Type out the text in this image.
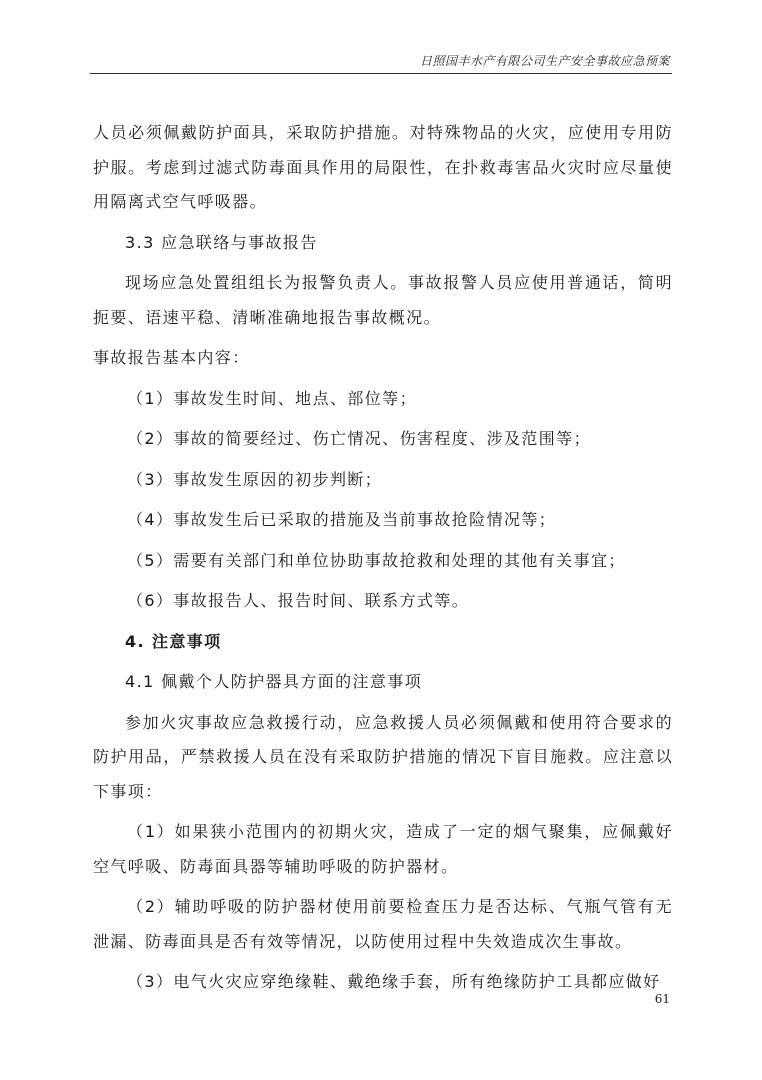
日照国丰水产有限公司生产安全事故应急预案

人员必须佩戴防护面具，采取防护措施。对特殊物品的火灾，应使用专用防护服。考虑到过滤式防毒面具作用的局限性，在扑救毒害品火灾时应尽量使用隔离式空气呼吸器。

3.3 应急联络与事故报告

现场应急处置组组长为报警负责人。事故报警人员应使用普通话，简明扼要、语速平稳、清晰准确地报告事故概况。

事故报告基本内容：

（1）事故发生时间、地点、部位等；

（2）事故的简要经过、伤亡情况、伤害程度、涉及范围等；

（3）事故发生原因的初步判断；

（4）事故发生后已采取的措施及当前事故抢险情况等；

（5）需要有关部门和单位协助事故抢救和处理的其他有关事宜；

（6）事故报告人、报告时间、联系方式等。

4. 注意事项

4.1 佩戴个人防护器具方面的注意事项

参加火灾事故应急救援行动，应急救援人员必须佩戴和使用符合要求的防护用品，严禁救援人员在没有采取防护措施的情况下盲目施救。应注意以下事项：

（1）如果狭小范围内的初期火灾，造成了一定的烟气聚集，应佩戴好空气呼吸、防毒面具器等辅助呼吸的防护器材。

（2）辅助呼吸的防护器材使用前要检查压力是否达标、气瓶气管有无泄漏、防毒面具是否有效等情况，以防使用过程中失效造成次生事故。

（3）电气火灾应穿绝缘鞋、戴绝缘手套，所有绝缘防护工具都应做好

61
